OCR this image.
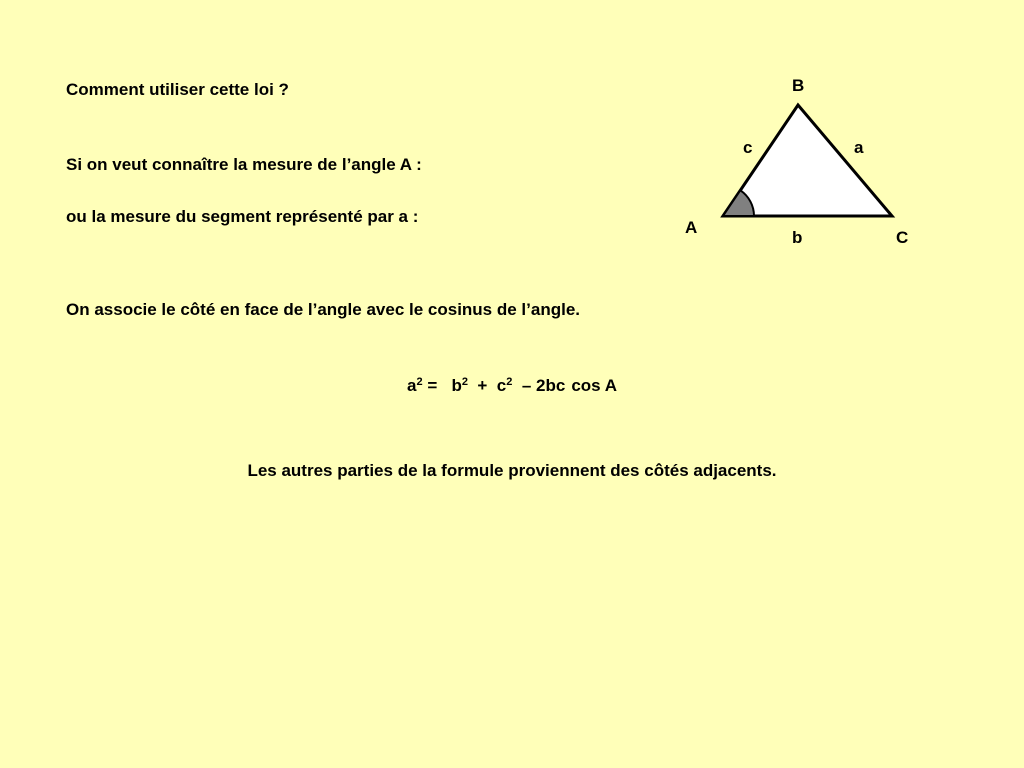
Comment utiliser cette loi ?
Si on veut connaître la mesure de l’angle A :
ou la mesure du segment représenté par a :
On associe le côté en face de l’angle avec le cosinus de l’angle.
$a^2 = b^2 + c^2 - 2bc$ cos A
Les autres parties de la formule proviennent des côtés adjacents.
B
c	a
A
b	C
